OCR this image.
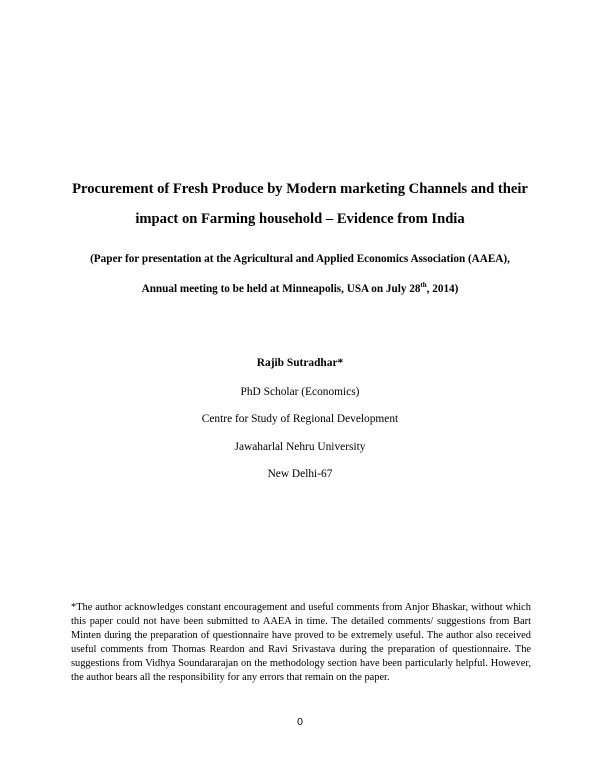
Procurement of Fresh Produce by Modern marketing Channels and their
impact on Farming household – Evidence from India
(Paper for presentation at the Agricultural and Applied Economics Association (AAEA),
Annual meeting to be held at Minneapolis, USA on July 28th, 2014)
Rajib Sutradhar*
PhD Scholar (Economics)
Centre for Study of Regional Development
Jawaharlal Nehru University
New Delhi-67
*The author acknowledges constant encouragement and useful comments from Anjor Bhaskar, without which this paper could not have been submitted to AAEA in time. The detailed comments/ suggestions from Bart Minten during the preparation of questionnaire have proved to be extremely useful. The author also received useful comments from Thomas Reardon and Ravi Srivastava during the preparation of questionnaire. The suggestions from Vidhya Soundararajan on the methodology section have been particularly helpful. However, the author bears all the responsibility for any errors that remain on the paper.
0
